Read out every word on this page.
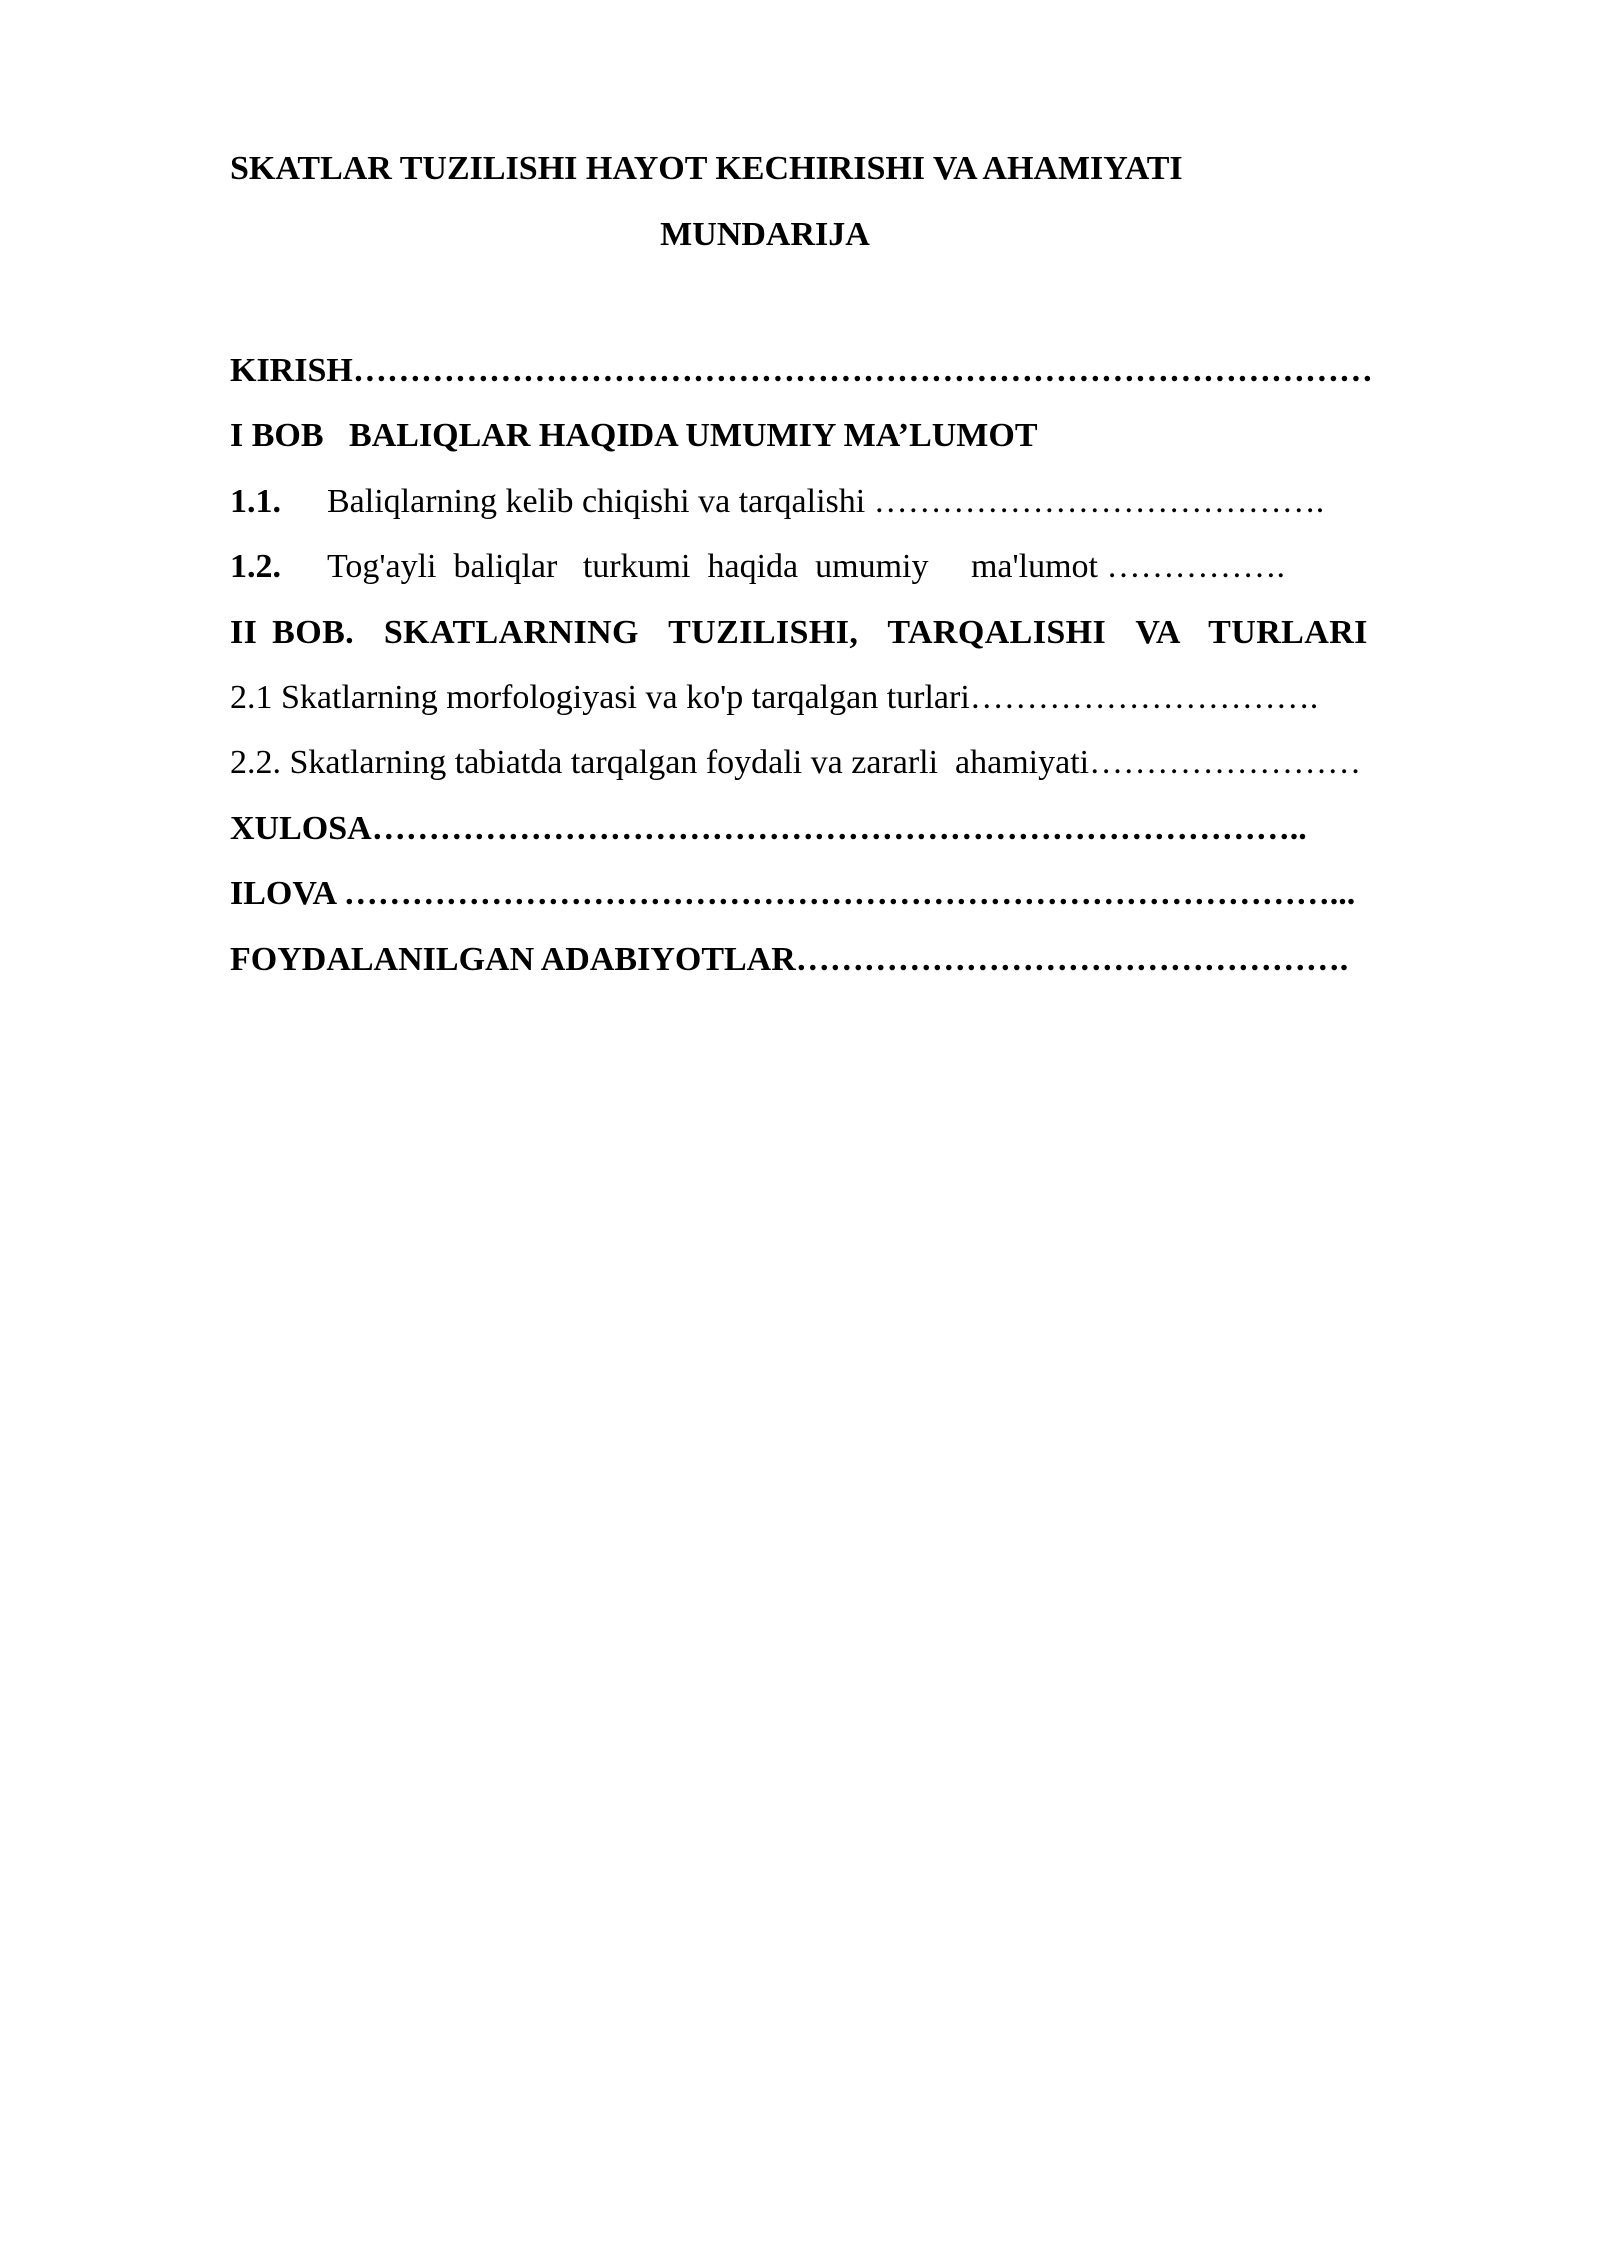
SKATLAR TUZILISHI HAYOT KECHIRISHI VA AHAMIYATI
MUNDARIJA
KIRISH………………………………………………………………………………
I BOB   BALIQLAR HAQIDA UMUMIY MA’LUMOT
1.1. Baliqlarning kelib chiqishi va tarqalishi ………………………………….
1.2. Tog'ayli  baliqlar   turkumi  haqida  umumiy     ma'lumot …………….
II BOB.  SKATLARNING  TUZILISHI,  TARQALISHI  VA  TURLARI
2.1 Skatlarning morfologiyasi va ko'p tarqalgan turlari………………………….
2.2. Skatlarning tabiatda tarqalgan foydali va zararli  ahamiyati……………………
XULOSA………………………………………………………………………..
ILOVA ……………………………………………………………………………...
FOYDALANILGAN ADABIYOTLAR………………………………………….
